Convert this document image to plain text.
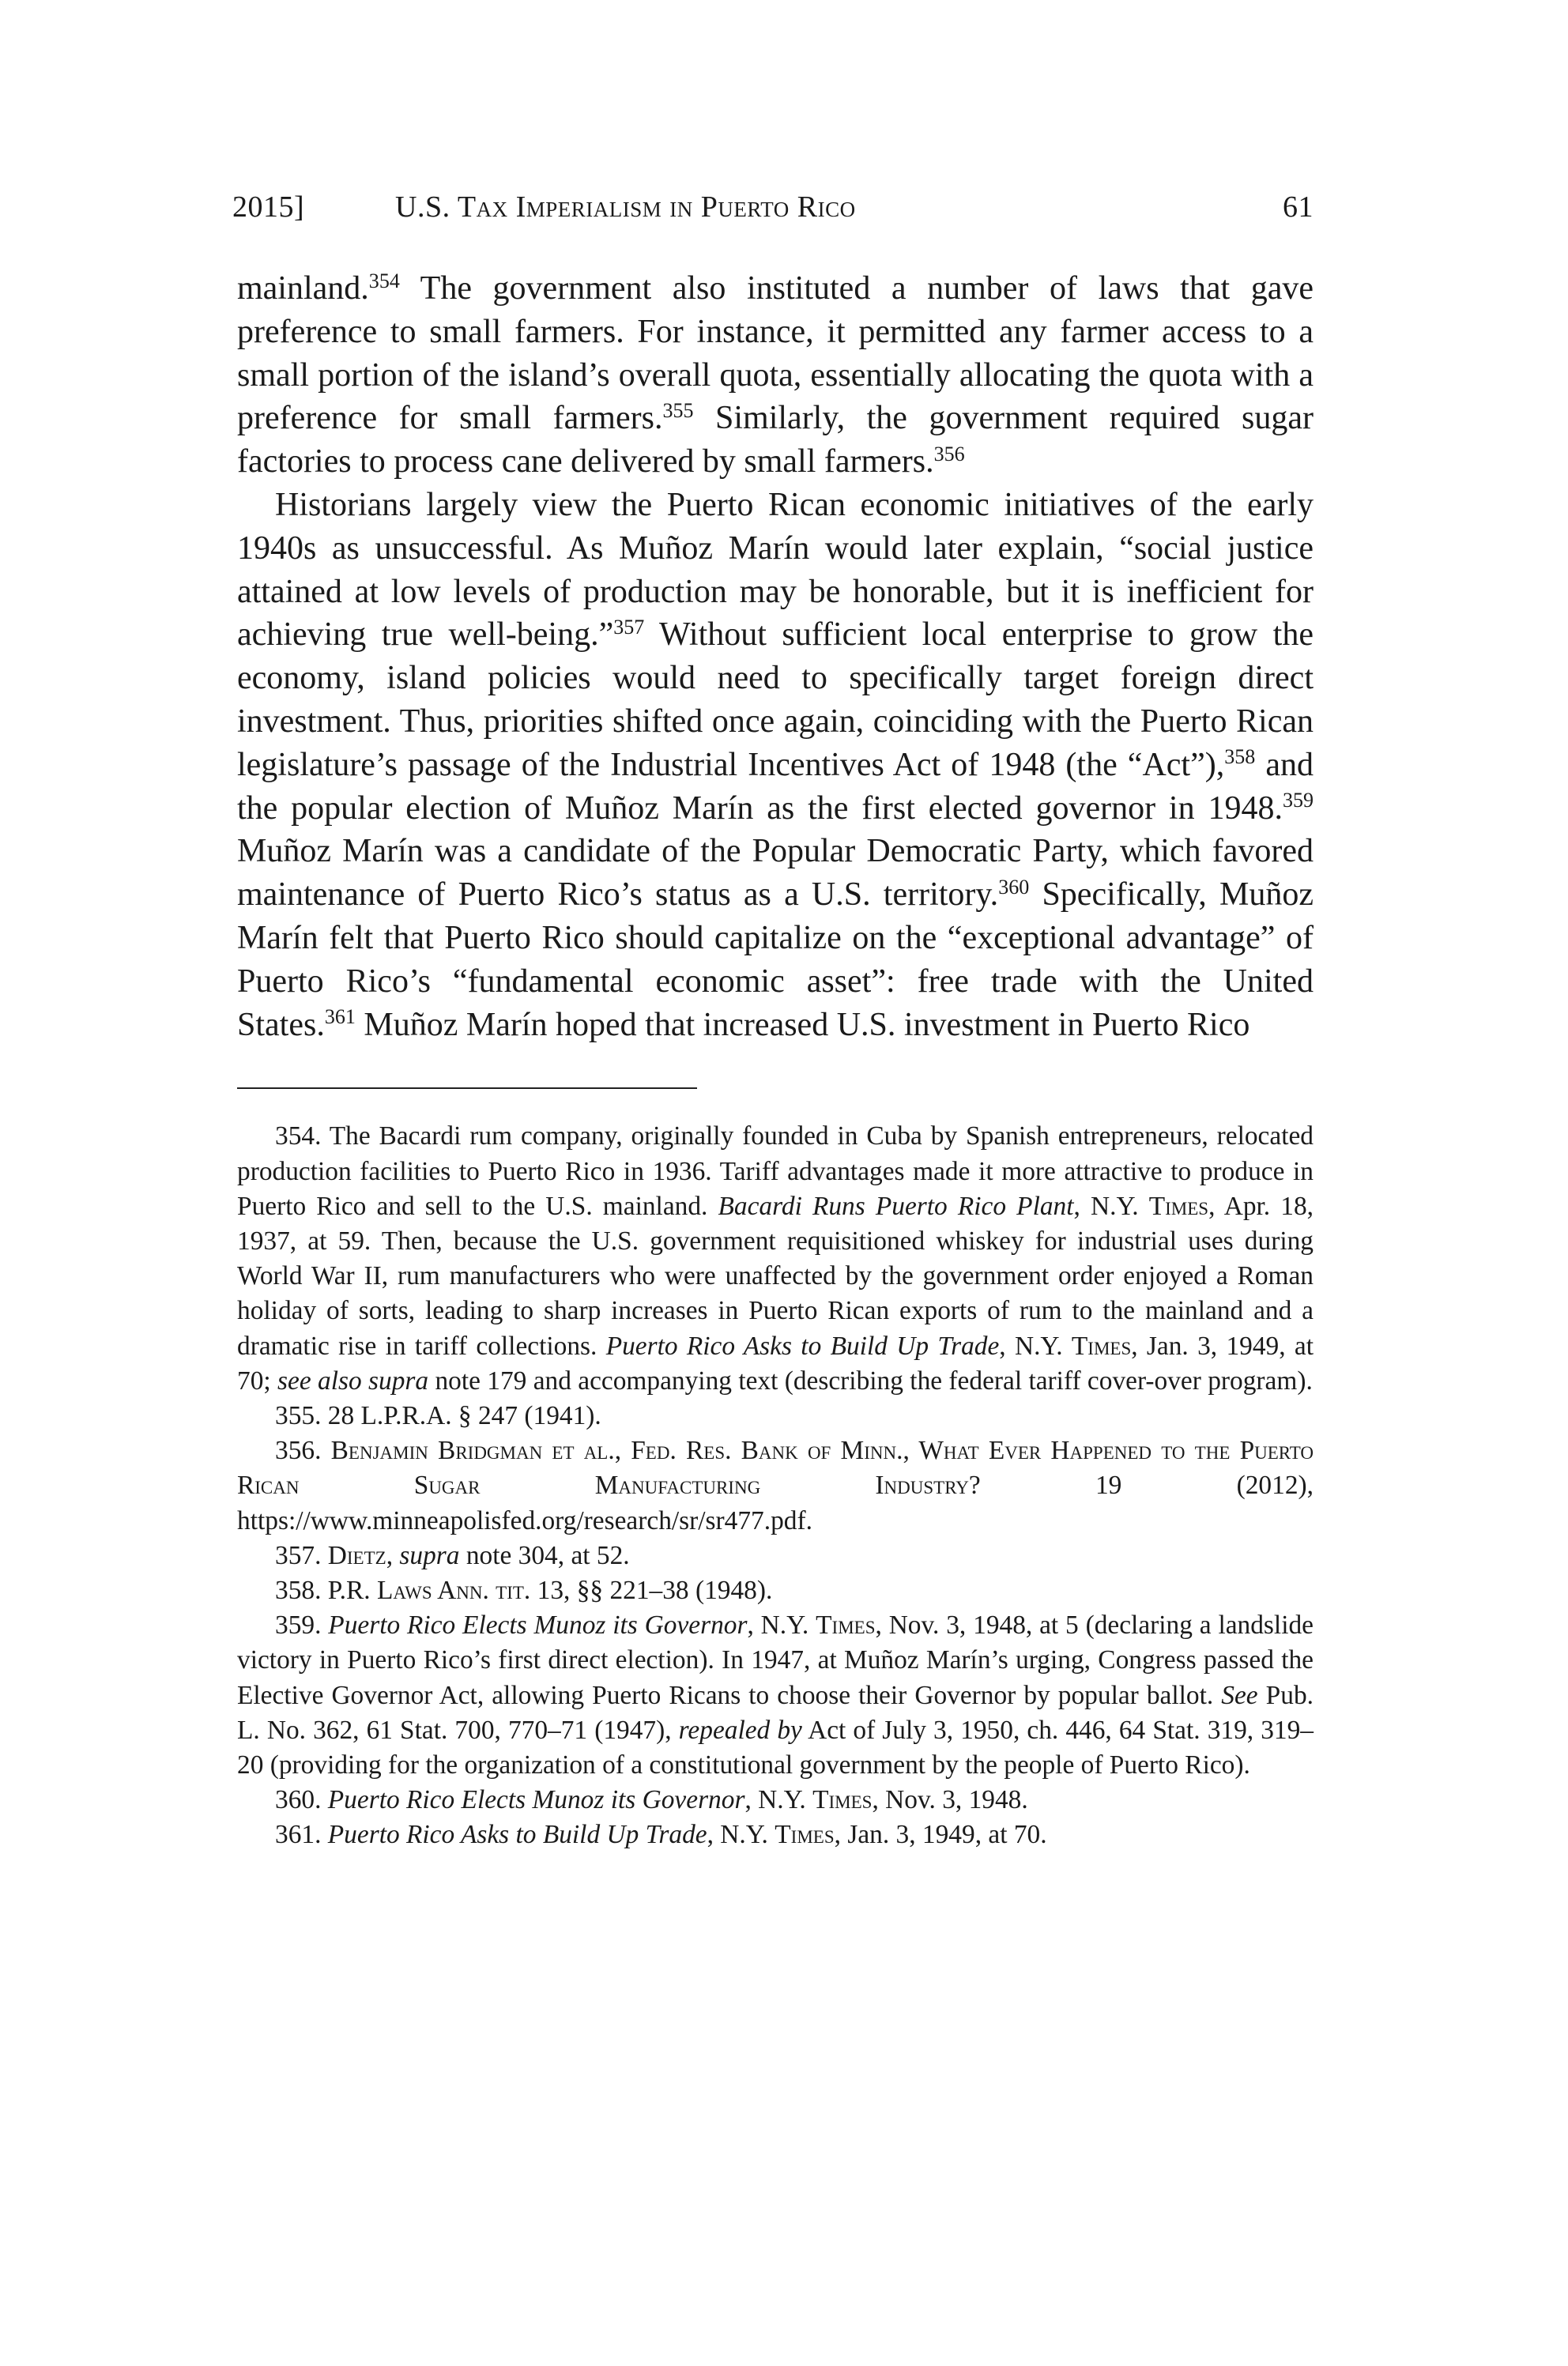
2015]	U.S. Tax Imperialism in Puerto Rico	61

mainland.$^{354}$ The government also instituted a number of laws that gave preference to small farmers. For instance, it permitted any farmer access to a small portion of the island’s overall quota, essentially allocating the quota with a preference for small farmers.$^{355}$ Similarly, the government required sugar factories to process cane delivered by small farmers.$^{356}$

Historians largely view the Puerto Rican economic initiatives of the early 1940s as unsuccessful. As Muñoz Marín would later explain, “social justice attained at low levels of production may be honorable, but it is inefficient for achieving true well-being.”$^{357}$ Without sufficient local enterprise to grow the economy, island policies would need to specifically target foreign direct investment. Thus, priorities shifted once again, coinciding with the Puerto Rican legislature’s passage of the Industrial Incentives Act of 1948 (the “Act”),$^{358}$ and the popular election of Muñoz Marín as the first elected governor in 1948.$^{359}$ Muñoz Marín was a candidate of the Popular Democratic Party, which favored maintenance of Puerto Rico’s status as a U.S. territory.$^{360}$ Specifically, Muñoz Marín felt that Puerto Rico should capitalize on the “exceptional advantage” of Puerto Rico’s “fundamental economic asset”: free trade with the United States.$^{361}$ Muñoz Marín hoped that increased U.S. investment in Puerto Rico

354. The Bacardi rum company, originally founded in Cuba by Spanish entrepreneurs, relocated production facilities to Puerto Rico in 1936. Tariff advantages made it more attractive to produce in Puerto Rico and sell to the U.S. mainland. Bacardi Runs Puerto Rico Plant, N.Y. Times, Apr. 18, 1937, at 59. Then, because the U.S. government requisitioned whiskey for industrial uses during World War II, rum manufacturers who were unaffected by the government order enjoyed a Roman holiday of sorts, leading to sharp increases in Puerto Rican exports of rum to the mainland and a dramatic rise in tariff collections. Puerto Rico Asks to Build Up Trade, N.Y. Times, Jan. 3, 1949, at 70; see also supra note 179 and accompanying text (describing the federal tariff cover-over program).

355. 28 L.P.R.A. § 247 (1941).

356. Benjamin Bridgman et al., Fed. Res. Bank of Minn., What Ever Happened to the Puerto Rican Sugar Manufacturing Industry? 19 (2012), https://www.minneapolisfed.org/research/sr/sr477.pdf.

357. Dietz, supra note 304, at 52.

358. P.R. Laws Ann. tit. 13, §§ 221–38 (1948).

359. Puerto Rico Elects Munoz its Governor, N.Y. Times, Nov. 3, 1948, at 5 (declaring a landslide victory in Puerto Rico’s first direct election). In 1947, at Muñoz Marín’s urging, Congress passed the Elective Governor Act, allowing Puerto Ricans to choose their Governor by popular ballot. See Pub. L. No. 362, 61 Stat. 700, 770–71 (1947), repealed by Act of July 3, 1950, ch. 446, 64 Stat. 319, 319–20 (providing for the organization of a constitutional government by the people of Puerto Rico).

360. Puerto Rico Elects Munoz its Governor, N.Y. Times, Nov. 3, 1948.

361. Puerto Rico Asks to Build Up Trade, N.Y. Times, Jan. 3, 1949, at 70.
